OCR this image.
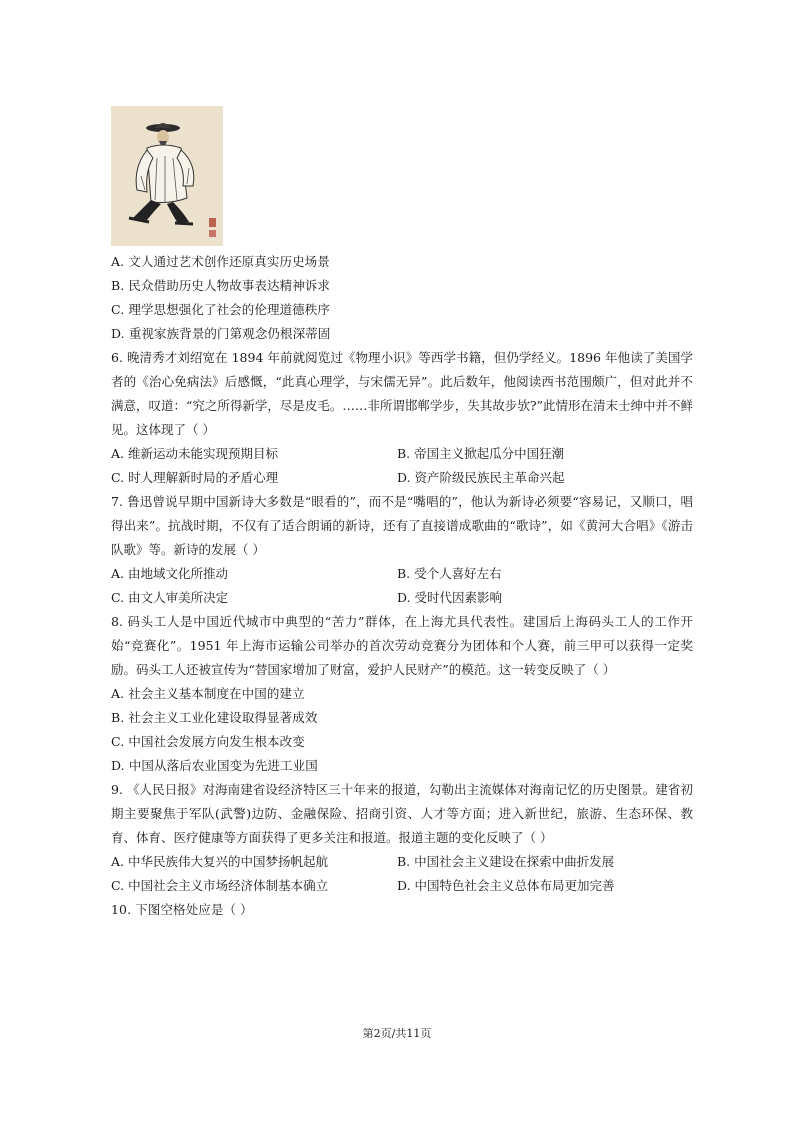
A. 文人通过艺术创作还原真实历史场景
B. 民众借助历史人物故事表达精神诉求
C. 理学思想强化了社会的伦理道德秩序
D. 重视家族背景的门第观念仍根深蒂固
6. 晚清秀才刘绍宽在 1894 年前就阅览过《物理小识》等西学书籍，但仍学经义。1896 年他读了美国学者的《治心免病法》后感慨，“此真心理学，与宋儒无异”。此后数年，他阅读西书范围颇广，但对此并不满意，叹道：“究之所得新学，尽是皮毛。……非所谓邯郸学步，失其故步欤?”此情形在清末士绅中并不鲜见。这体现了（ ）
A. 维新运动未能实现预期目标	B. 帝国主义掀起瓜分中国狂潮
C. 时人理解新时局的矛盾心理	D. 资产阶级民族民主革命兴起
7. 鲁迅曾说早期中国新诗大多数是“眼看的”，而不是“嘴唱的”，他认为新诗必须要“容易记，又顺口，唱得出来”。抗战时期，不仅有了适合朗诵的新诗，还有了直接谱成歌曲的“歌诗”，如《黄河大合唱》《游击队歌》等。新诗的发展（ ）
A. 由地域文化所推动	B. 受个人喜好左右
C. 由文人审美所决定	D. 受时代因素影响
8. 码头工人是中国近代城市中典型的“苦力”群体，在上海尤具代表性。建国后上海码头工人的工作开始“竞赛化”。1951 年上海市运输公司举办的首次劳动竞赛分为团体和个人赛，前三甲可以获得一定奖励。码头工人还被宣传为“替国家增加了财富，爱护人民财产”的模范。这一转变反映了（ ）
A. 社会主义基本制度在中国的建立
B. 社会主义工业化建设取得显著成效
C. 中国社会发展方向发生根本改变
D. 中国从落后农业国变为先进工业国
9. 《人民日报》对海南建省设经济特区三十年来的报道，勾勒出主流媒体对海南记忆的历史图景。建省初期主要聚焦于军队(武警)边防、金融保险、招商引资、人才等方面；进入新世纪，旅游、生态环保、教育、体育、医疗健康等方面获得了更多关注和报道。报道主题的变化反映了（ ）
A. 中华民族伟大复兴的中国梦扬帆起航	B. 中国社会主义建设在探索中曲折发展
C. 中国社会主义市场经济体制基本确立	D. 中国特色社会主义总体布局更加完善
10. 下图空格处应是（ ）
第2页/共11页
